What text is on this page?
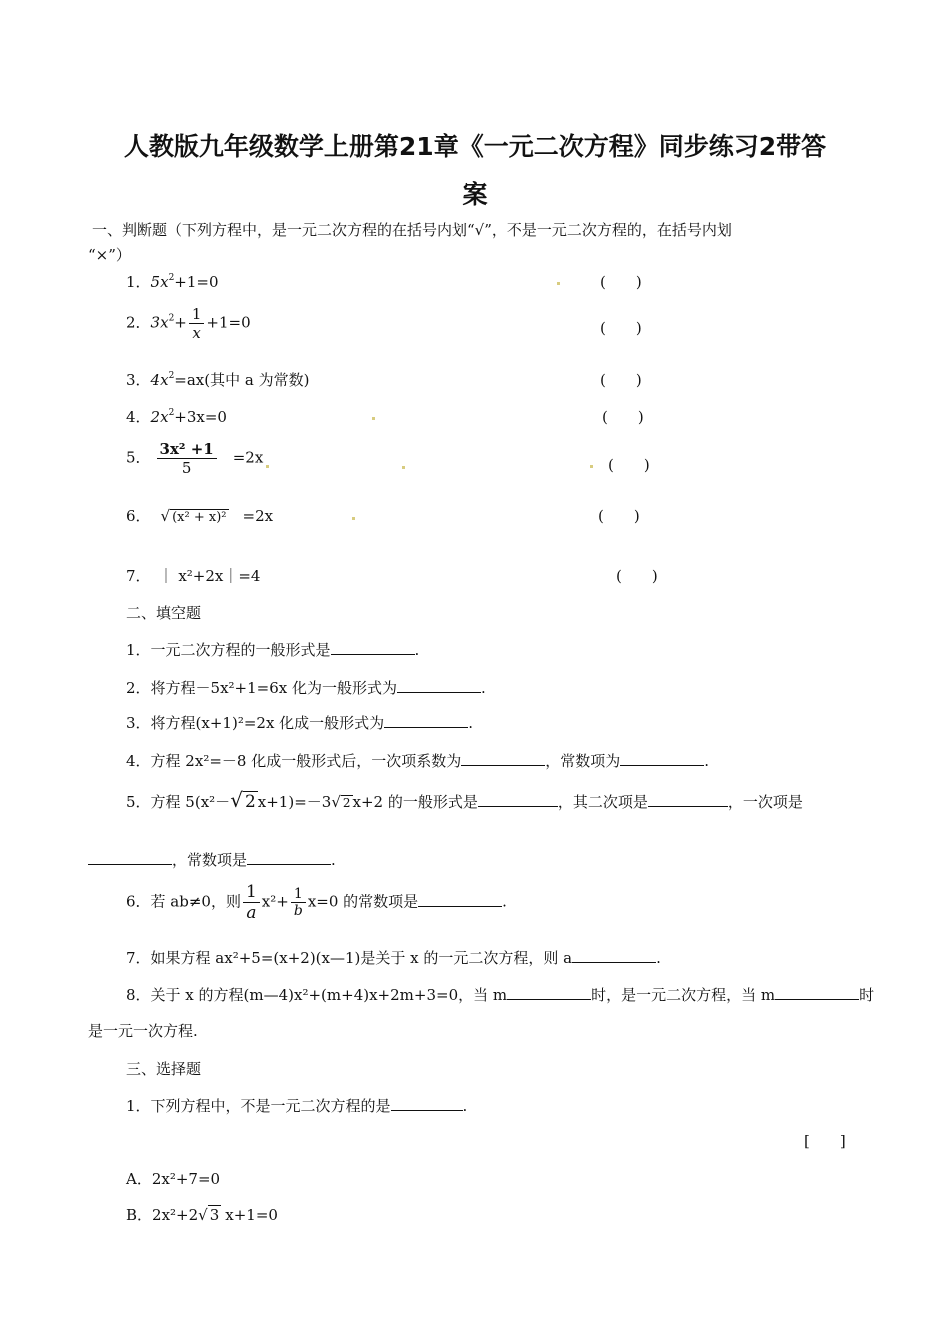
人教版九年级数学上册第21章《一元二次方程》同步练习2带答
案
一、判断题（下列方程中，是一元二次方程的在括号内划“√”，不是一元二次方程的，在括号内划
“×”）
1．$5x^2+1=0$	(　　)
2．$3x^2+ \frac{1}{x} +1=0$	(　　)
3．$4x^2=ax$(其中 a 为常数)	(　　)
4．$2x^2+3x=0$	(　　)
5． $\frac{\text{3x² +1}}{5} =2x$	(　　)
6． √ (x² + x)² =2x	(　　)
7． ｜ x²+2x｜=4	(　　)
二、填空题
1．一元二次方程的一般形式是	.
2．将方程－5x²+1=6x 化为一般形式为	.
3．将方程(x+1)²=2x 化成一般形式为	.
4．方程 2x²=－8 化成一般形式后，一次项系数为	，常数项为	.
5．方程 5(x²－√ 2 x+1)=－3√ 2 x+2 的一般形式是	，其二次项是	，一次项是
，常数项是	.
6．若 ab≠0，则 $\frac{1}{a} x^2+ \frac{1}{b} x=0$ 的常数项是	.
7．如果方程 ax²+5=(x+2)(x—1)是关于 x 的一元二次方程，则 a	.
8．关于 x 的方程(m—4)x²+(m+4)x+2m+3=0，当 m	时，是一元二次方程，当 m	时
是一元一次方程.
三、选择题
1．下列方程中，不是一元二次方程的是	.
[　　]
A．2x²+7=0
B．2x²+2√ 3 x+1=0
